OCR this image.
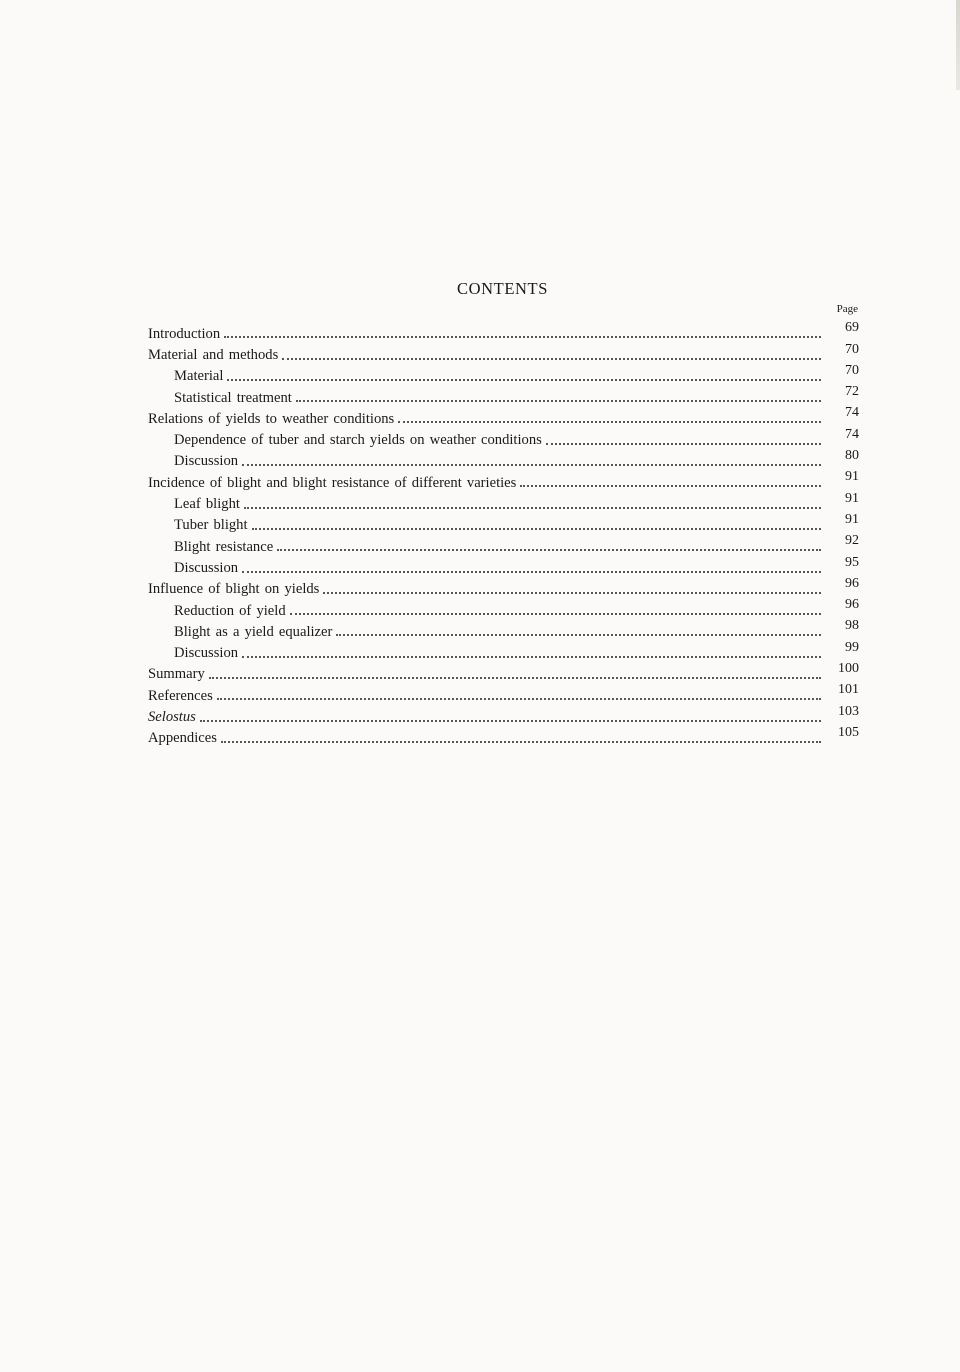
CONTENTS
Page
Introduction	69
Material and methods	70
Material	70
Statistical treatment	72
Relations of yields to weather conditions	74
Dependence of tuber and starch yields on weather conditions	74
Discussion	80
Incidence of blight and blight resistance of different varieties	91
Leaf blight	91
Tuber blight	91
Blight resistance	92
Discussion	95
Influence of blight on yields	96
Reduction of yield	96
Blight as a yield equalizer	98
Discussion	99
Summary	100
References	101
Selostus	103
Appendices	105
